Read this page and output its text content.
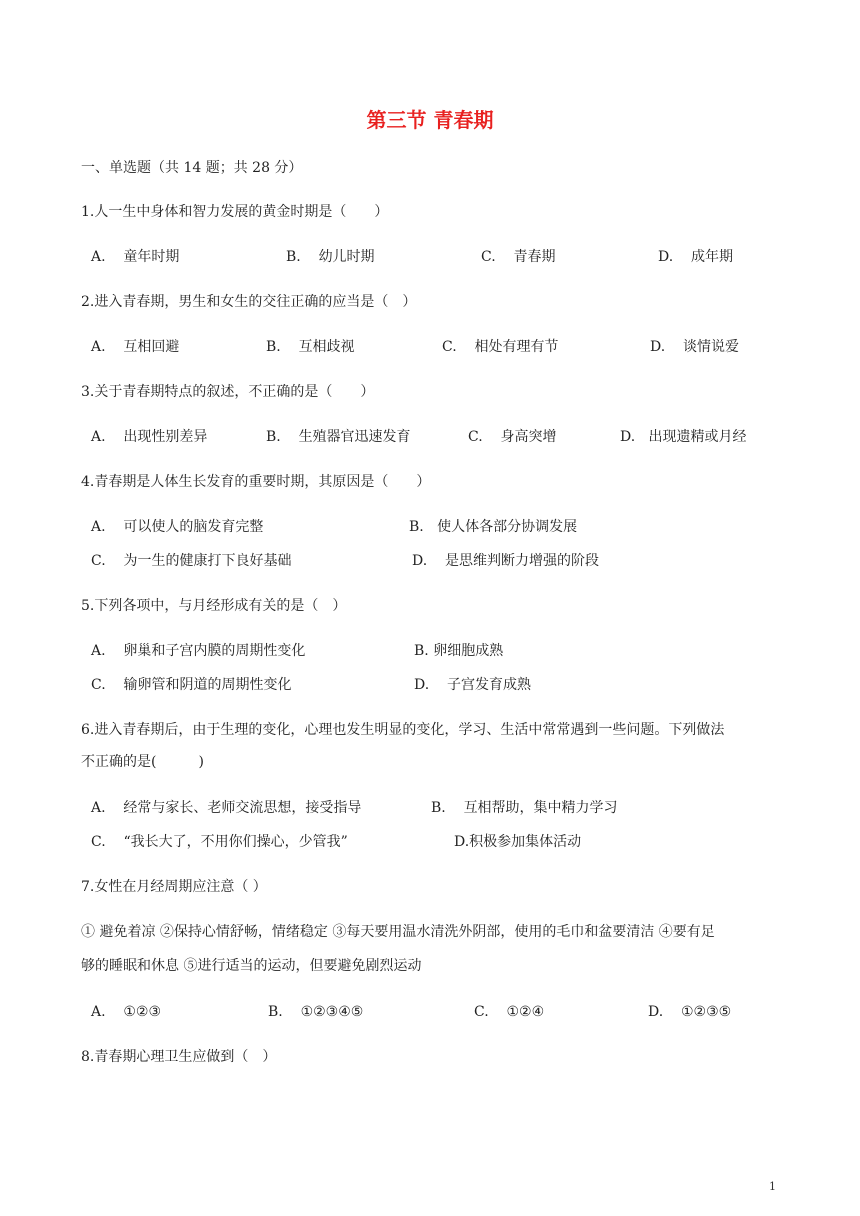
第三节 青春期
一、单选题（共 14 题；共 28 分）
1.人一生中身体和智力发展的黄金时期是（　　）
A. 童年时期	B. 幼儿时期	C. 青春期	D. 成年期
2.进入青春期，男生和女生的交往正确的应当是（　）
A. 互相回避	B. 互相歧视	C. 相处有理有节	D. 谈情说爱
3.关于青春期特点的叙述，不正确的是（　　）
A. 出现性别差异	B. 生殖器官迅速发育	C. 身高突增	D. 出现遗精或月经
4.青春期是人体生长发育的重要时期，其原因是（　　）
A. 可以使人的脑发育完整	B. 使人体各部分协调发展
C. 为一生的健康打下良好基础	D. 是思维判断力增强的阶段
5.下列各项中，与月经形成有关的是（　）
A. 卵巢和子宫内膜的周期性变化	B. 卵细胞成熟
C. 输卵管和阴道的周期性变化	D. 子宫发育成熟
6.进入青春期后，由于生理的变化，心理也发生明显的变化，学习、生活中常常遇到一些问题。下列做法
不正确的是(　　　)
A. 经常与家长、老师交流思想，接受指导	B. 互相帮助，集中精力学习
C. “我长大了，不用你们操心，少管我”	D.积极参加集体活动
7.女性在月经周期应注意（ ）
① 避免着凉 ②保持心情舒畅，情绪稳定 ③每天要用温水清洗外阴部，使用的毛巾和盆要清洁 ④要有足
够的睡眠和休息 ⑤进行适当的运动，但要避免剧烈运动
A. ①②③	B. ①②③④⑤	C. ①②④	D. ①②③⑤
8.青春期心理卫生应做到（　）
1
